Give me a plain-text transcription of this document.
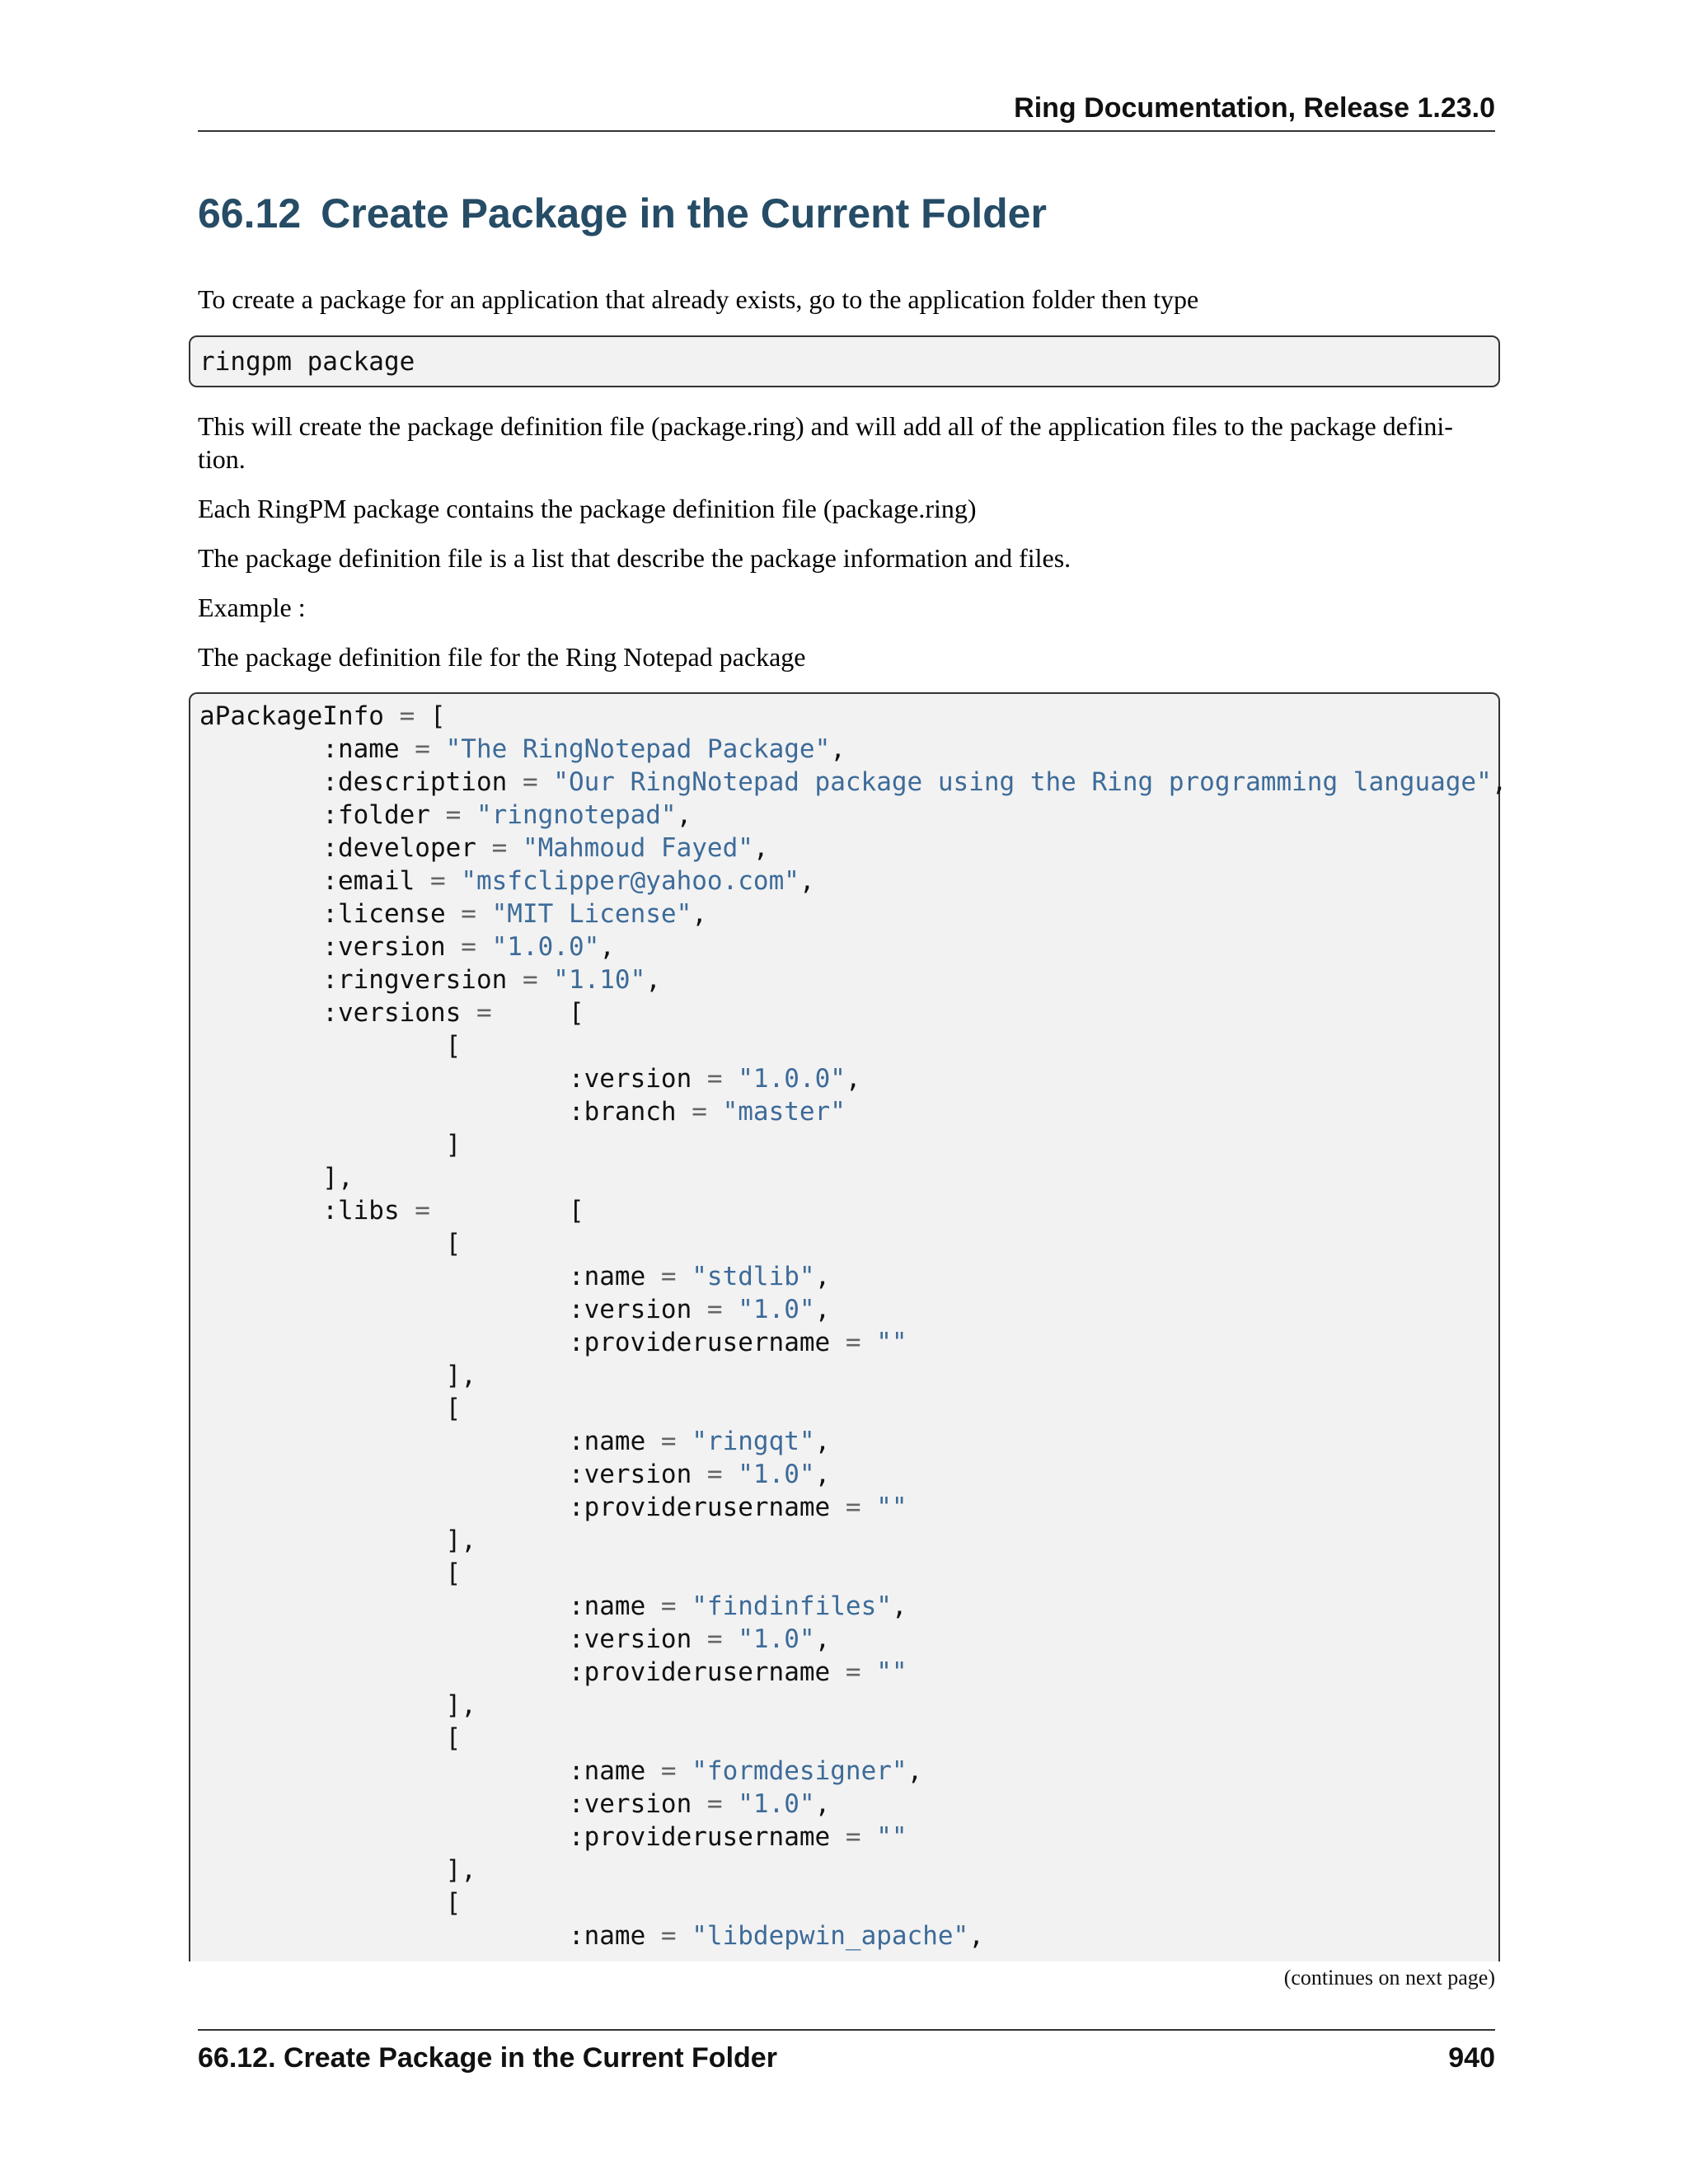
Ring Documentation, Release 1.23.0
66.12 Create Package in the Current Folder

To create a package for an application that already exists, go to the application folder then type

ringpm package

This will create the package definition file (package.ring) and will add all of the application files to the package defini-
tion.

Each RingPM package contains the package definition file (package.ring)

The package definition file is a list that describe the package information and files.

Example :

The package definition file for the Ring Notepad package

aPackageInfo = [
:name = "The RingNotepad Package",
:description = "Our RingNotepad package using the Ring programming language",
:folder = "ringnotepad",
:developer = "Mahmoud Fayed",
:email = "msfclipper@yahoo.com",
:license = "MIT License",
:version = "1.0.0",
:ringversion = "1.10",
:versions =     [
[
:version = "1.0.0",
:branch = "master"
]
],
:libs =         [
[
:name = "stdlib",
:version = "1.0",
:providerusername = ""
],
[
:name = "ringqt",
:version = "1.0",
:providerusername = ""
],
[
:name = "findinfiles",
:version = "1.0",
:providerusername = ""
],
[
:name = "formdesigner",
:version = "1.0",
:providerusername = ""
],
[
:name = "libdepwin_apache",
(continues on next page)
66.12. Create Package in the Current Folder	940
